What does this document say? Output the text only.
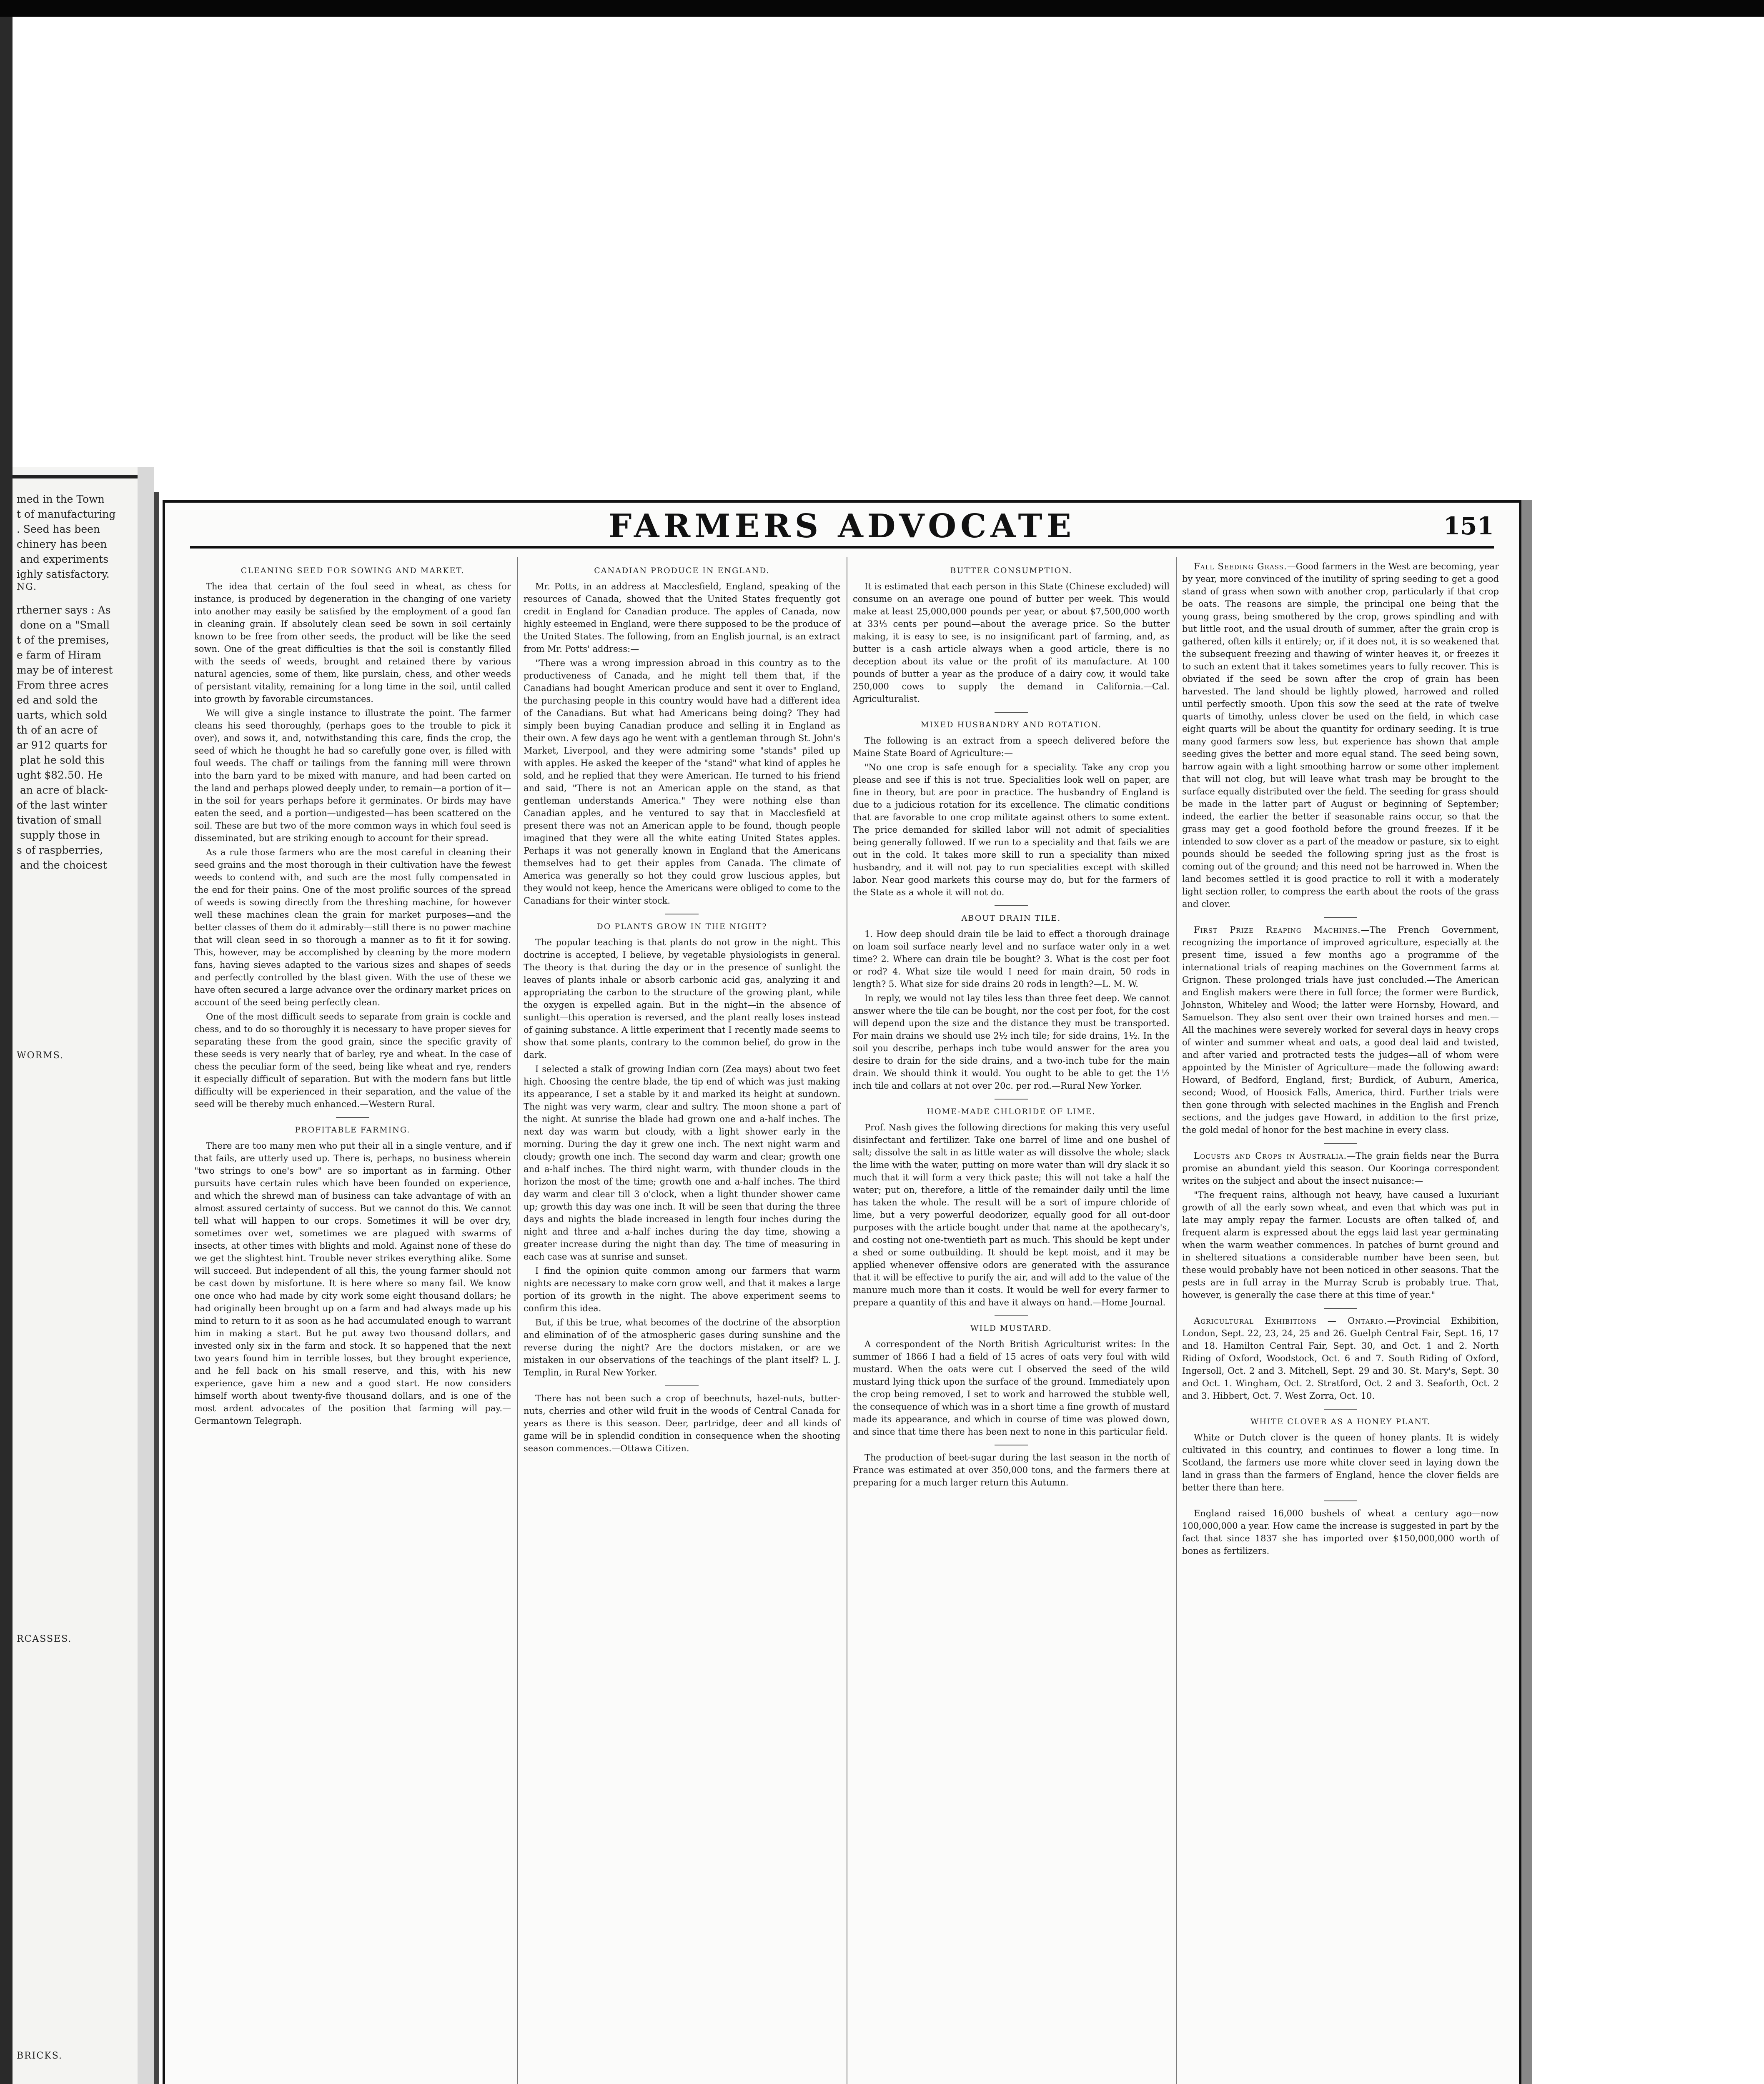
med in the Town
t of manufacturing
. Seed has been
chinery has been
and experiments
ighly satisfactory.
NG.
rtherner says : As
done on a "Small
t of the premises,
e farm of Hiram
may be of interest
From three acres
ed and sold the
uarts, which sold
th of an acre of
ar 912 quarts for
plat he sold this
ught $82.50. He
an acre of black-
of the last winter
tivation of small
supply those in
s of raspberries,
and the choicest
WORMS.
RCASSES.
BRICKS.
FARMERS ADVOCATE	151
CLEANING SEED FOR SOWING AND MARKET.

The idea that certain of the foul seed in wheat, as chess for instance, is produced by degeneration in the changing of one variety into another may easily be satisfied by the employment of a good fan in cleaning grain. If absolutely clean seed be sown in soil certainly known to be free from other seeds, the product will be like the seed sown. One of the great difficulties is that the soil is constantly filled with the seeds of weeds, brought and retained there by various natural agencies, some of them, like purslain, chess, and other weeds of persistant vitality, remaining for a long time in the soil, until called into growth by favorable circumstances.

We will give a single instance to illustrate the point. The farmer cleans his seed thoroughly, (perhaps goes to the trouble to pick it over), and sows it, and, notwithstanding this care, finds the crop, the seed of which he thought he had so carefully gone over, is filled with foul weeds. The chaff or tailings from the fanning mill were thrown into the barn yard to be mixed with manure, and had been carted on the land and perhaps plowed deeply under, to remain—a portion of it—in the soil for years perhaps before it germinates. Or birds may have eaten the seed, and a portion—undigested—has been scattered on the soil. These are but two of the more common ways in which foul seed is disseminated, but are striking enough to account for their spread.

As a rule those farmers who are the most careful in cleaning their seed grains and the most thorough in their cultivation have the fewest weeds to contend with, and such are the most fully compensated in the end for their pains. One of the most prolific sources of the spread of weeds is sowing directly from the threshing machine, for however well these machines clean the grain for market purposes—and the better classes of them do it admirably—still there is no power machine that will clean seed in so thorough a manner as to fit it for sowing. This, however, may be accomplished by cleaning by the more modern fans, having sieves adapted to the various sizes and shapes of seeds and perfectly controlled by the blast given. With the use of these we have often secured a large advance over the ordinary market prices on account of the seed being perfectly clean.

One of the most difficult seeds to separate from grain is cockle and chess, and to do so thoroughly it is necessary to have proper sieves for separating these from the good grain, since the specific gravity of these seeds is very nearly that of barley, rye and wheat. In the case of chess the peculiar form of the seed, being like wheat and rye, renders it especially difficult of separation. But with the modern fans but little difficulty will be experienced in their separation, and the value of the seed will be thereby much enhanced.—Western Rural.

PROFITABLE FARMING.

There are too many men who put their all in a single venture, and if that fails, are utterly used up. There is, perhaps, no business wherein "two strings to one's bow" are so important as in farming. Other pursuits have certain rules which have been founded on experience, and which the shrewd man of business can take advantage of with an almost assured certainty of success. But we cannot do this. We cannot tell what will happen to our crops. Sometimes it will be over dry, sometimes over wet, sometimes we are plagued with swarms of insects, at other times with blights and mold. Against none of these do we get the slightest hint. Trouble never strikes everything alike. Some will succeed. But independent of all this, the young farmer should not be cast down by misfortune. It is here where so many fail. We know one once who had made by city work some eight thousand dollars; he had originally been brought up on a farm and had always made up his mind to return to it as soon as he had accumulated enough to warrant him in making a start. But he put away two thousand dollars, and invested only six in the farm and stock. It so happened that the next two years found him in terrible losses, but they brought experience, and he fell back on his small reserve, and this, with his new experience, gave him a new and a good start. He now considers himself worth about twenty-five thousand dollars, and is one of the most ardent advocates of the position that farming will pay.—Germantown Telegraph.

CANADIAN PRODUCE IN ENGLAND.

Mr. Potts, in an address at Macclesfield, England, speaking of the resources of Canada, showed that the United States frequently got credit in England for Canadian produce. The apples of Canada, now highly esteemed in England, were there supposed to be the produce of the United States. The following, from an English journal, is an extract from Mr. Potts' address:—

"There was a wrong impression abroad in this country as to the productiveness of Canada, and he might tell them that, if the Canadians had bought American produce and sent it over to England, the purchasing people in this country would have had a different idea of the Canadians. But what had Americans being doing? They had simply been buying Canadian produce and selling it in England as their own. A few days ago he went with a gentleman through St. John's Market, Liverpool, and they were admiring some "stands" piled up with apples. He asked the keeper of the "stand" what kind of apples he sold, and he replied that they were American. He turned to his friend and said, "There is not an American apple on the stand, as that gentleman understands America." They were nothing else than Canadian apples, and he ventured to say that in Macclesfield at present there was not an American apple to be found, though people imagined that they were all the white eating United States apples. Perhaps it was not generally known in England that the Americans themselves had to get their apples from Canada. The climate of America was generally so hot they could grow luscious apples, but they would not keep, hence the Americans were obliged to come to the Canadians for their winter stock.

DO PLANTS GROW IN THE NIGHT?

The popular teaching is that plants do not grow in the night. This doctrine is accepted, I believe, by vegetable physiologists in general. The theory is that during the day or in the presence of sunlight the leaves of plants inhale or absorb carbonic acid gas, analyzing it and appropriating the carbon to the structure of the growing plant, while the oxygen is expelled again. But in the night—in the absence of sunlight—this operation is reversed, and the plant really loses instead of gaining substance. A little experiment that I recently made seems to show that some plants, contrary to the common belief, do grow in the dark.

I selected a stalk of growing Indian corn (Zea mays) about two feet high. Choosing the centre blade, the tip end of which was just making its appearance, I set a stable by it and marked its height at sundown. The night was very warm, clear and sultry. The moon shone a part of the night. At sunrise the blade had grown one and a-half inches. The next day was warm but cloudy, with a light shower early in the morning. During the day it grew one inch. The next night warm and cloudy; growth one inch. The second day warm and clear; growth one and a-half inches. The third night warm, with thunder clouds in the horizon the most of the time; growth one and a-half inches. The third day warm and clear till 3 o'clock, when a light thunder shower came up; growth this day was one inch. It will be seen that during the three days and nights the blade increased in length four inches during the night and three and a-half inches during the day time, showing a greater increase during the night than day. The time of measuring in each case was at sunrise and sunset.

I find the opinion quite common among our farmers that warm nights are necessary to make corn grow well, and that it makes a large portion of its growth in the night. The above experiment seems to confirm this idea.

But, if this be true, what becomes of the doctrine of the absorption and elimination of of the atmospheric gases during sunshine and the reverse during the night? Are the doctors mistaken, or are we mistaken in our observations of the teachings of the plant itself? L. J. Templin, in Rural New Yorker.

There has not been such a crop of beechnuts, hazel-nuts, butter-nuts, cherries and other wild fruit in the woods of Central Canada for years as there is this season. Deer, partridge, deer and all kinds of game will be in splendid condition in consequence when the shooting season commences.—Ottawa Citizen.

BUTTER CONSUMPTION.

It is estimated that each person in this State (Chinese excluded) will consume on an average one pound of butter per week. This would make at least 25,000,000 pounds per year, or about $7,500,000 worth at 33⅓ cents per pound—about the average price. So the butter making, it is easy to see, is no insignificant part of farming, and, as butter is a cash article always when a good article, there is no deception about its value or the profit of its manufacture. At 100 pounds of butter a year as the produce of a dairy cow, it would take 250,000 cows to supply the demand in California.—Cal. Agriculturalist.

MIXED HUSBANDRY AND ROTATION.

The following is an extract from a speech delivered before the Maine State Board of Agriculture:—

"No one crop is safe enough for a speciality. Take any crop you please and see if this is not true. Specialities look well on paper, are fine in theory, but are poor in practice. The husbandry of England is due to a judicious rotation for its excellence. The climatic conditions that are favorable to one crop militate against others to some extent. The price demanded for skilled labor will not admit of specialities being generally followed. If we run to a speciality and that fails we are out in the cold. It takes more skill to run a speciality than mixed husbandry, and it will not pay to run specialities except with skilled labor. Near good markets this course may do, but for the farmers of the State as a whole it will not do.

ABOUT DRAIN TILE.

1. How deep should drain tile be laid to effect a thorough drainage on loam soil surface nearly level and no surface water only in a wet time? 2. Where can drain tile be bought? 3. What is the cost per foot or rod? 4. What size tile would I need for main drain, 50 rods in length? 5. What size for side drains 20 rods in length?—L. M. W.

In reply, we would not lay tiles less than three feet deep. We cannot answer where the tile can be bought, nor the cost per foot, for the cost will depend upon the size and the distance they must be transported. For main drains we should use 2½ inch tile; for side drains, 1½. In the soil you describe, perhaps inch tube would answer for the area you desire to drain for the side drains, and a two-inch tube for the main drain. We should think it would. You ought to be able to get the 1½ inch tile and collars at not over 20c. per rod.—Rural New Yorker.

HOME-MADE CHLORIDE OF LIME.

Prof. Nash gives the following directions for making this very useful disinfectant and fertilizer. Take one barrel of lime and one bushel of salt; dissolve the salt in as little water as will dissolve the whole; slack the lime with the water, putting on more water than will dry slack it so much that it will form a very thick paste; this will not take a half the water; put on, therefore, a little of the remainder daily until the lime has taken the whole. The result will be a sort of impure chloride of lime, but a very powerful deodorizer, equally good for all out-door purposes with the article bought under that name at the apothecary's, and costing not one-twentieth part as much. This should be kept under a shed or some outbuilding. It should be kept moist, and it may be applied whenever offensive odors are generated with the assurance that it will be effective to purify the air, and will add to the value of the manure much more than it costs. It would be well for every farmer to prepare a quantity of this and have it always on hand.—Home Journal.

WILD MUSTARD.

A correspondent of the North British Agriculturist writes: In the summer of 1866 I had a field of 15 acres of oats very foul with wild mustard. When the oats were cut I observed the seed of the wild mustard lying thick upon the surface of the ground. Immediately upon the crop being removed, I set to work and harrowed the stubble well, the consequence of which was in a short time a fine growth of mustard made its appearance, and which in course of time was plowed down, and since that time there has been next to none in this particular field.

The production of beet-sugar during the last season in the north of France was estimated at over 350,000 tons, and the farmers there at preparing for a much larger return this Autumn.

Fall Seeding Grass.—Good farmers in the West are becoming, year by year, more convinced of the inutility of spring seeding to get a good stand of grass when sown with another crop, particularly if that crop be oats. The reasons are simple, the principal one being that the young grass, being smothered by the crop, grows spindling and with but little root, and the usual drouth of summer, after the grain crop is gathered, often kills it entirely; or, if it does not, it is so weakened that the subsequent freezing and thawing of winter heaves it, or freezes it to such an extent that it takes sometimes years to fully recover. This is obviated if the seed be sown after the crop of grain has been harvested. The land should be lightly plowed, harrowed and rolled until perfectly smooth. Upon this sow the seed at the rate of twelve quarts of timothy, unless clover be used on the field, in which case eight quarts will be about the quantity for ordinary seeding. It is true many good farmers sow less, but experience has shown that ample seeding gives the better and more equal stand. The seed being sown, harrow again with a light smoothing harrow or some other implement that will not clog, but will leave what trash may be brought to the surface equally distributed over the field. The seeding for grass should be made in the latter part of August or beginning of September; indeed, the earlier the better if seasonable rains occur, so that the grass may get a good foothold before the ground freezes. If it be intended to sow clover as a part of the meadow or pasture, six to eight pounds should be seeded the following spring just as the frost is coming out of the ground; and this need not be harrowed in. When the land becomes settled it is good practice to roll it with a moderately light section roller, to compress the earth about the roots of the grass and clover.

First Prize Reaping Machines.—The French Government, recognizing the importance of improved agriculture, especially at the present time, issued a few months ago a programme of the international trials of reaping machines on the Government farms at Grignon. These prolonged trials have just concluded.—The American and English makers were there in full force; the former were Burdick, Johnston, Whiteley and Wood; the latter were Hornsby, Howard, and Samuelson. They also sent over their own trained horses and men.—All the machines were severely worked for several days in heavy crops of winter and summer wheat and oats, a good deal laid and twisted, and after varied and protracted tests the judges—all of whom were appointed by the Minister of Agriculture—made the following award: Howard, of Bedford, England, first; Burdick, of Auburn, America, second; Wood, of Hoosick Falls, America, third. Further trials were then gone through with selected machines in the English and French sections, and the judges gave Howard, in addition to the first prize, the gold medal of honor for the best machine in every class.

Locusts and Crops in Australia.—The grain fields near the Burra promise an abundant yield this season. Our Kooringa correspondent writes on the subject and about the insect nuisance:—

"The frequent rains, although not heavy, have caused a luxuriant growth of all the early sown wheat, and even that which was put in late may amply repay the farmer. Locusts are often talked of, and frequent alarm is expressed about the eggs laid last year germinating when the warm weather commences. In patches of burnt ground and in sheltered situations a considerable number have been seen, but these would probably have not been noticed in other seasons. That the pests are in full array in the Murray Scrub is probably true. That, however, is generally the case there at this time of year."

Agricultural Exhibitions — Ontario.—Provincial Exhibition, London, Sept. 22, 23, 24, 25 and 26. Guelph Central Fair, Sept. 16, 17 and 18. Hamilton Central Fair, Sept. 30, and Oct. 1 and 2. North Riding of Oxford, Woodstock, Oct. 6 and 7. South Riding of Oxford, Ingersoll, Oct. 2 and 3. Mitchell, Sept. 29 and 30. St. Mary's, Sept. 30 and Oct. 1. Wingham, Oct. 2. Stratford, Oct. 2 and 3. Seaforth, Oct. 2 and 3. Hibbert, Oct. 7. West Zorra, Oct. 10.

WHITE CLOVER AS A HONEY PLANT.

White or Dutch clover is the queen of honey plants. It is widely cultivated in this country, and continues to flower a long time. In Scotland, the farmers use more white clover seed in laying down the land in grass than the farmers of England, hence the clover fields are better there than here.

England raised 16,000 bushels of wheat a century ago—now 100,000,000 a year. How came the increase is suggested in part by the fact that since 1837 she has imported over $150,000,000 worth of bones as fertilizers.
